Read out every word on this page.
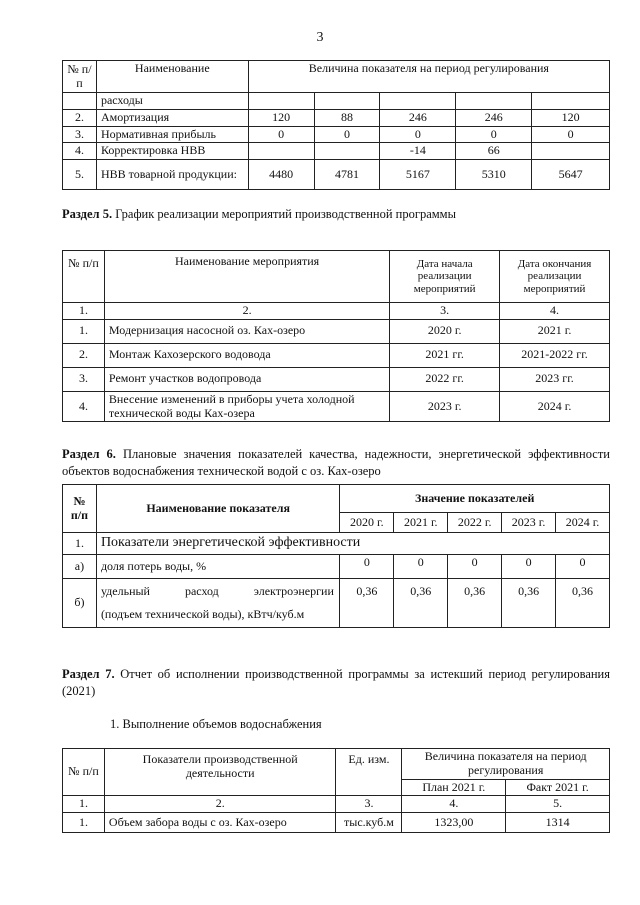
3
№ п/п	Наименование	Величина показателя на период регулирования				
	расходы					
2.	Амортизация	120	88	246	246	120
3.	Нормативная прибыль	0	0	0	0	0
4.	Корректировка НВВ			-14	66	
5.	НВВ товарной продукции:	4480	4781	5167	5310	5647
Раздел 5. График реализации мероприятий производственной программы
№ п/п	Наименование мероприятия	Дата начала реализации мероприятий	Дата окончания реализации мероприятий
1.	2.	3.	4.
1.	Модернизация насосной оз. Ках-озеро	2020 г.	2021 г.
2.	Монтаж Кахозерского водовода	2021 гг.	2021-2022 гг.
3.	Ремонт участков водопровода	2022 гг.	2023 гг.
4.	Внесение изменений в приборы учета холодной технической воды Ках-озера	2023 г.	2024 г.
Раздел 6. Плановые значения показателей качества, надежности, энергетической эффективности объектов водоснабжения технической водой с оз. Ках-озеро
№ п/п	Наименование показателя	Значение показателей				
		2020 г.	2021 г.	2022 г.	2023 г.	2024 г.
1.	Показатели энергетической эффективности					
а)	доля потерь воды, %	0	0	0	0	0
б)	удельный расход электроэнергии
(подъем технической воды), кВтч/куб.м	0,36	0,36	0,36	0,36	0,36
Раздел 7. Отчет об исполнении производственной программы за истекший период регулирования (2021)
1. Выполнение объемов водоснабжения
№ п/п	Показатели производственной деятельности	Ед. изм.	Величина показателя на период регулирования	
			План 2021 г.	Факт 2021 г.
1.	2.	3.	4.	5.
1.	Объем забора воды с оз. Ках-озеро	тыс.куб.м	1323,00	1314
